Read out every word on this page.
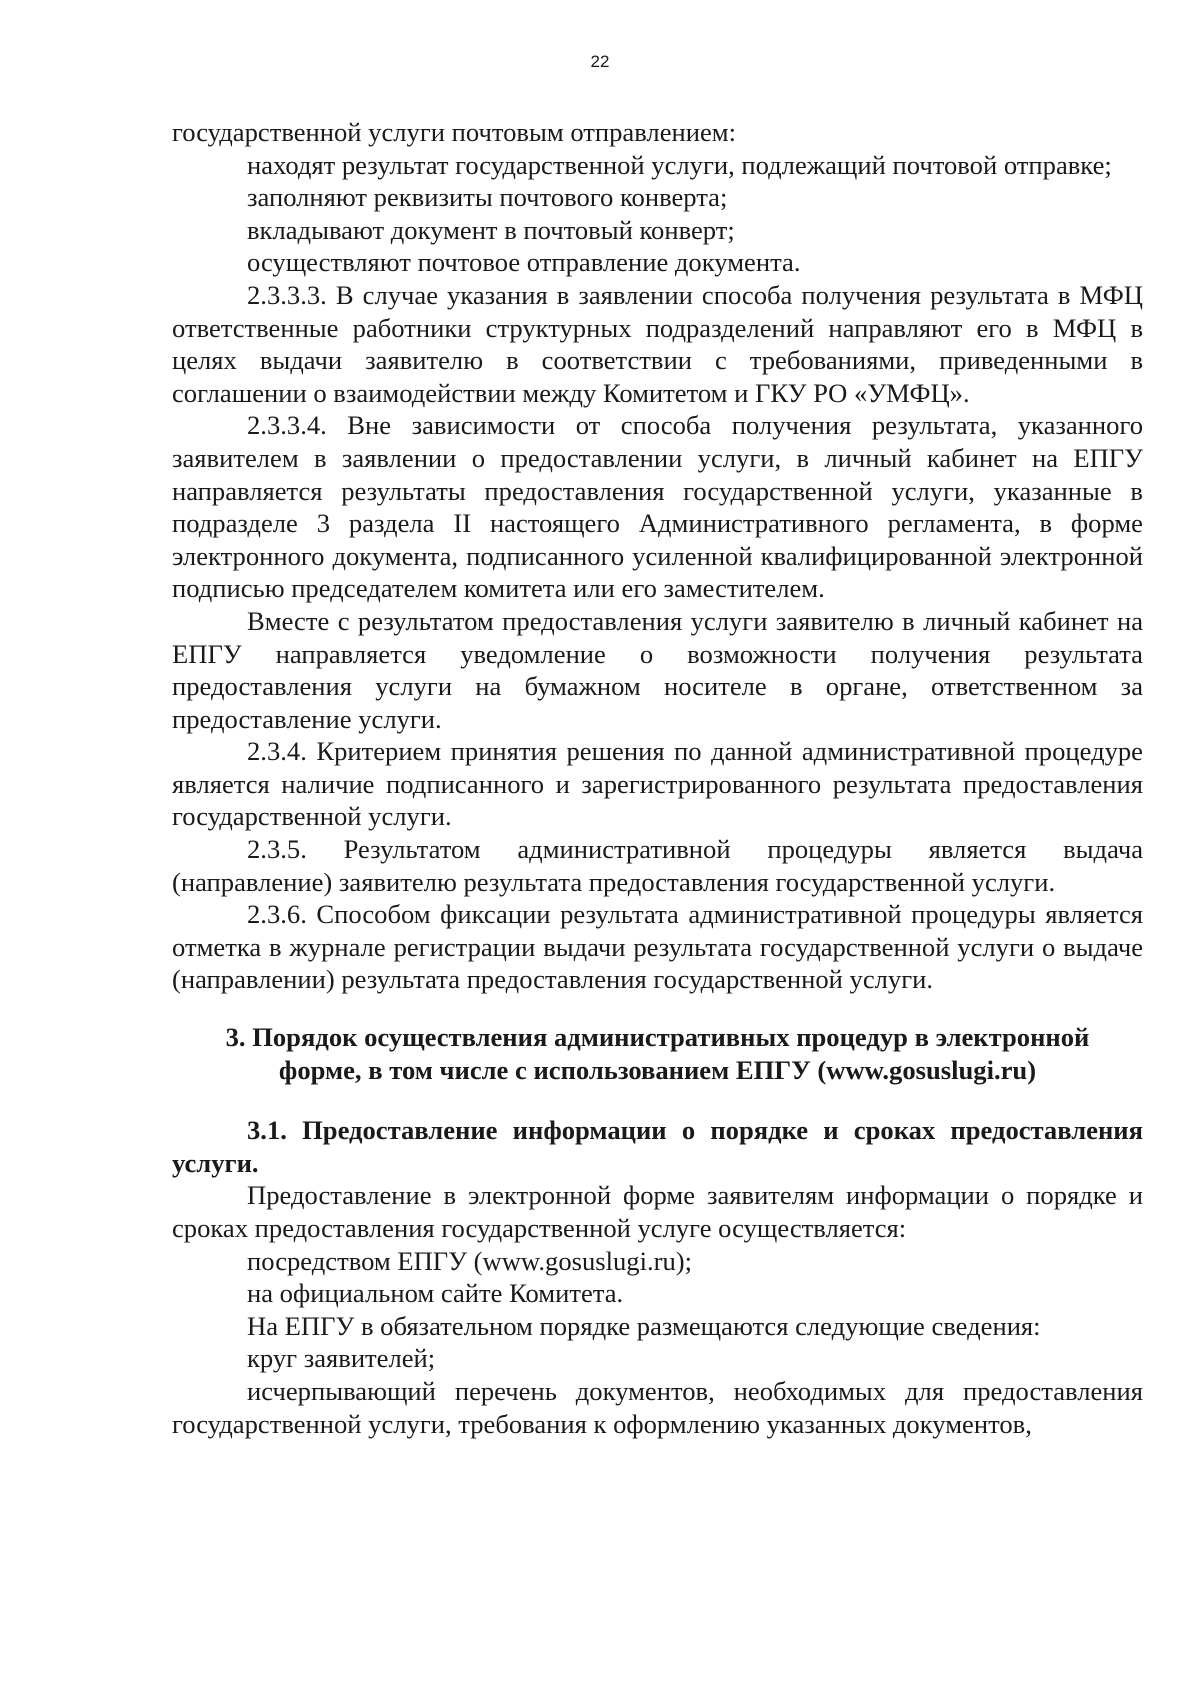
22

государственной услуги почтовым отправлением:

находят результат государственной услуги, подлежащий почтовой отправке;

заполняют реквизиты почтового конверта;

вкладывают документ в почтовый конверт;

осуществляют почтовое отправление документа.

2.3.3.3. В случае указания в заявлении способа получения результата в МФЦ ответственные работники структурных подразделений направляют его в МФЦ в целях выдачи заявителю в соответствии с требованиями, приведенными в соглашении о взаимодействии между Комитетом и ГКУ РО «УМФЦ».

2.3.3.4. Вне зависимости от способа получения результата, указанного заявителем в заявлении о предоставлении услуги, в личный кабинет на ЕПГУ направляется результаты предоставления государственной услуги, указанные в подразделе 3 раздела II настоящего Административного регламента, в форме электронного документа, подписанного усиленной квалифицированной электронной подписью председателем комитета или его заместителем.

Вместе с результатом предоставления услуги заявителю в личный кабинет на ЕПГУ направляется уведомление о возможности получения результата предоставления услуги на бумажном носителе в органе, ответственном за предоставление услуги.

2.3.4. Критерием принятия решения по данной административной процедуре является наличие подписанного и зарегистрированного результата предоставления государственной услуги.

2.3.5. Результатом административной процедуры является выдача (направление) заявителю результата предоставления государственной услуги.

2.3.6. Способом фиксации результата административной процедуры является отметка в журнале регистрации выдачи результата государственной услуги о выдаче (направлении) результата предоставления государственной услуги.

3. Порядок осуществления административных процедур в электронной
форме, в том числе с использованием ЕПГУ (www.gosuslugi.ru)

3.1. Предоставление информации о порядке и сроках предоставления услуги.

Предоставление в электронной форме заявителям информации о порядке и сроках предоставления государственной услуге осуществляется:

посредством ЕПГУ (www.gosuslugi.ru);

на официальном сайте Комитета.

На ЕПГУ в обязательном порядке размещаются следующие сведения:

круг заявителей;

исчерпывающий перечень документов, необходимых для предоставления государственной услуги, требования к оформлению указанных документов,
